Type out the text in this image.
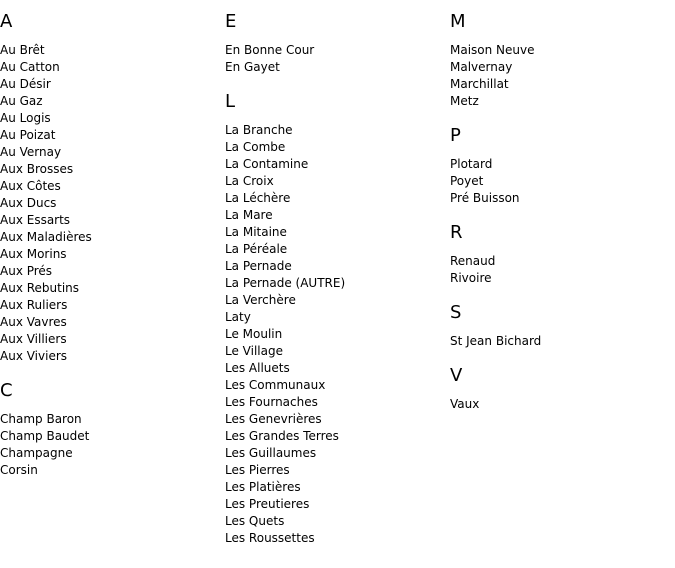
A
Au Brêt
Au Catton
Au Désir
Au Gaz
Au Logis
Au Poizat
Au Vernay
Aux Brosses
Aux Côtes
Aux Ducs
Aux Essarts
Aux Maladières
Aux Morins
Aux Prés
Aux Rebutins
Aux Ruliers
Aux Vavres
Aux Villiers
Aux Viviers
C
Champ Baron
Champ Baudet
Champagne
Corsin
E
En Bonne Cour
En Gayet
L
La Branche
La Combe
La Contamine
La Croix
La Léchère
La Mare
La Mitaine
La Péréale
La Pernade
La Pernade (AUTRE)
La Verchère
Laty
Le Moulin
Le Village
Les Alluets
Les Communaux
Les Fournaches
Les Genevrières
Les Grandes Terres
Les Guillaumes
Les Pierres
Les Platières
Les Preutieres
Les Quets
Les Roussettes
M
Maison Neuve
Malvernay
Marchillat
Metz
P
Plotard
Poyet
Pré Buisson
R
Renaud
Rivoire
S
St Jean Bichard
V
Vaux
